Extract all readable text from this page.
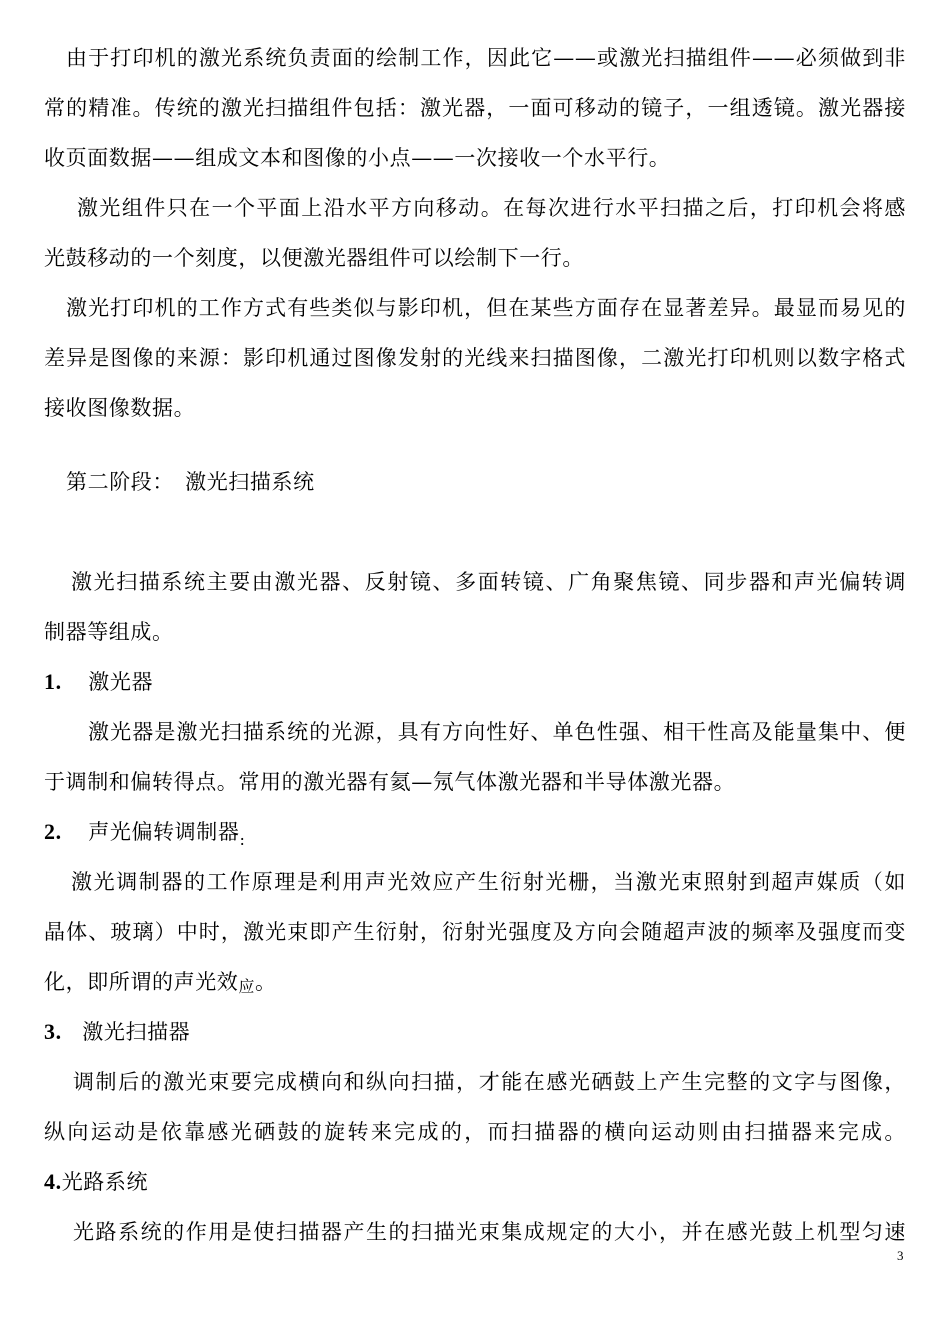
由于打印机的激光系统负责面的绘制工作，因此它——或激光扫描组件——必须做到非
常的精准。传统的激光扫描组件包括：激光器，一面可移动的镜子，一组透镜。激光器接
收页面数据——组成文本和图像的小点——一次接收一个水平行。
激光组件只在一个平面上沿水平方向移动。在每次进行水平扫描之后，打印机会将感
光鼓移动的一个刻度，以便激光器组件可以绘制下一行。
激光打印机的工作方式有些类似与影印机，但在某些方面存在显著差异。最显而易见的
差异是图像的来源：影印机通过图像发射的光线来扫描图像，二激光打印机则以数字格式
接收图像数据。
第二阶段：　激光扫描系统
激光扫描系统主要由激光器、反射镜、多面转镜、广角聚焦镜、同步器和声光偏转调
制器等组成。
1. 激光器
激光器是激光扫描系统的光源，具有方向性好、单色性强、相干性高及能量集中、便
于调制和偏转得点。常用的激光器有氦—氖气体激光器和半导体激光器。
2. 声光偏转调制器$_:$
激光调制器的工作原理是利用声光效应产生衍射光栅，当激光束照射到超声媒质（如
晶体、玻璃）中时，激光束即产生衍射，衍射光强度及方向会随超声波的频率及强度而变
化，即所谓的声光效应。
3. 激光扫描器
调制后的激光束要完成横向和纵向扫描，才能在感光硒鼓上产生完整的文字与图像，
纵向运动是依靠感光硒鼓的旋转来完成的，而扫描器的横向运动则由扫描器来完成。
4.光路系统
光路系统的作用是使扫描器产生的扫描光束集成规定的大小，并在感光鼓上机型匀速
3
